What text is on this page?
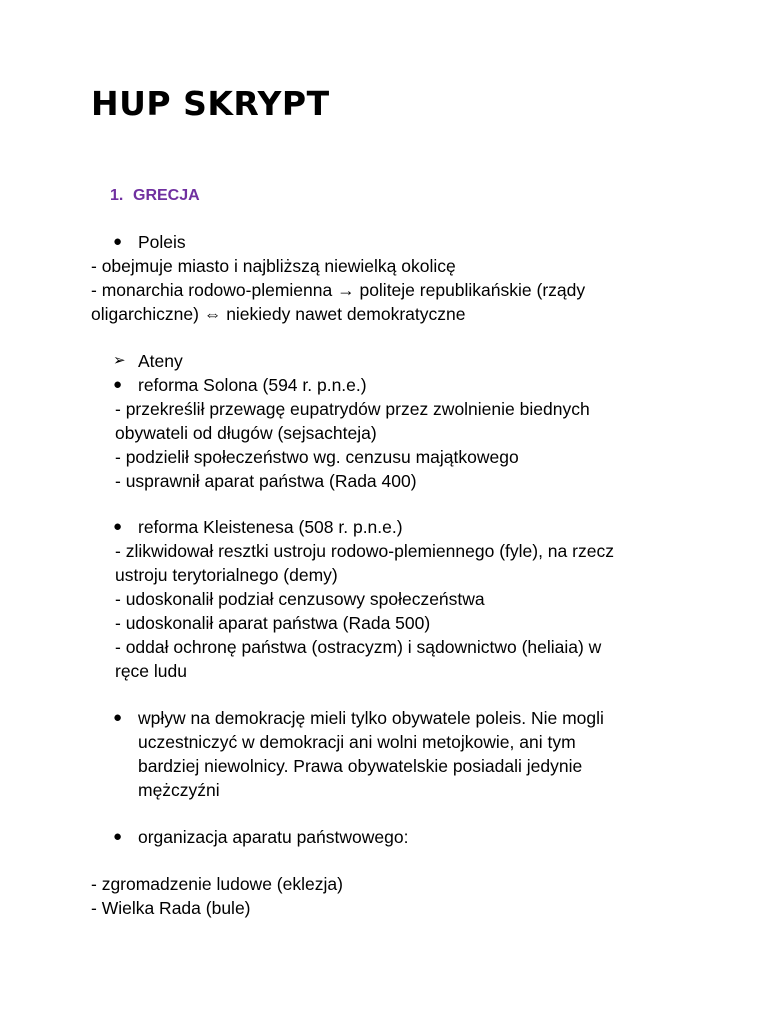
HUP SKRYPT
1. GRECJA
● Poleis
- obejmuje miasto i najbliższą niewielką okolicę
- monarchia rodowo-plemienna → politeje republikańskie (rządy
oligarchiczne) ⇔ niekiedy nawet demokratyczne
➢ Ateny
● reforma Solona (594 r. p.n.e.)
- przekreślił przewagę eupatrydów przez zwolnienie biednych
obywateli od długów (sejsachteja)
- podzielił społeczeństwo wg. cenzusu majątkowego
- usprawnił aparat państwa (Rada 400)
● reforma Kleistenesa (508 r. p.n.e.)
- zlikwidował resztki ustroju rodowo-plemiennego (fyle), na rzecz
ustroju terytorialnego (demy)
- udoskonalił podział cenzusowy społeczeństwa
- udoskonalił aparat państwa (Rada 500)
- oddał ochronę państwa (ostracyzm) i sądownictwo (heliaia) w
ręce ludu
● wpływ na demokrację mieli tylko obywatele poleis. Nie mogli
uczestniczyć w demokracji ani wolni metojkowie, ani tym
bardziej niewolnicy. Prawa obywatelskie posiadali jedynie
mężczyźni
● organizacja aparatu państwowego:
- zgromadzenie ludowe (eklezja)
- Wielka Rada (bule)
